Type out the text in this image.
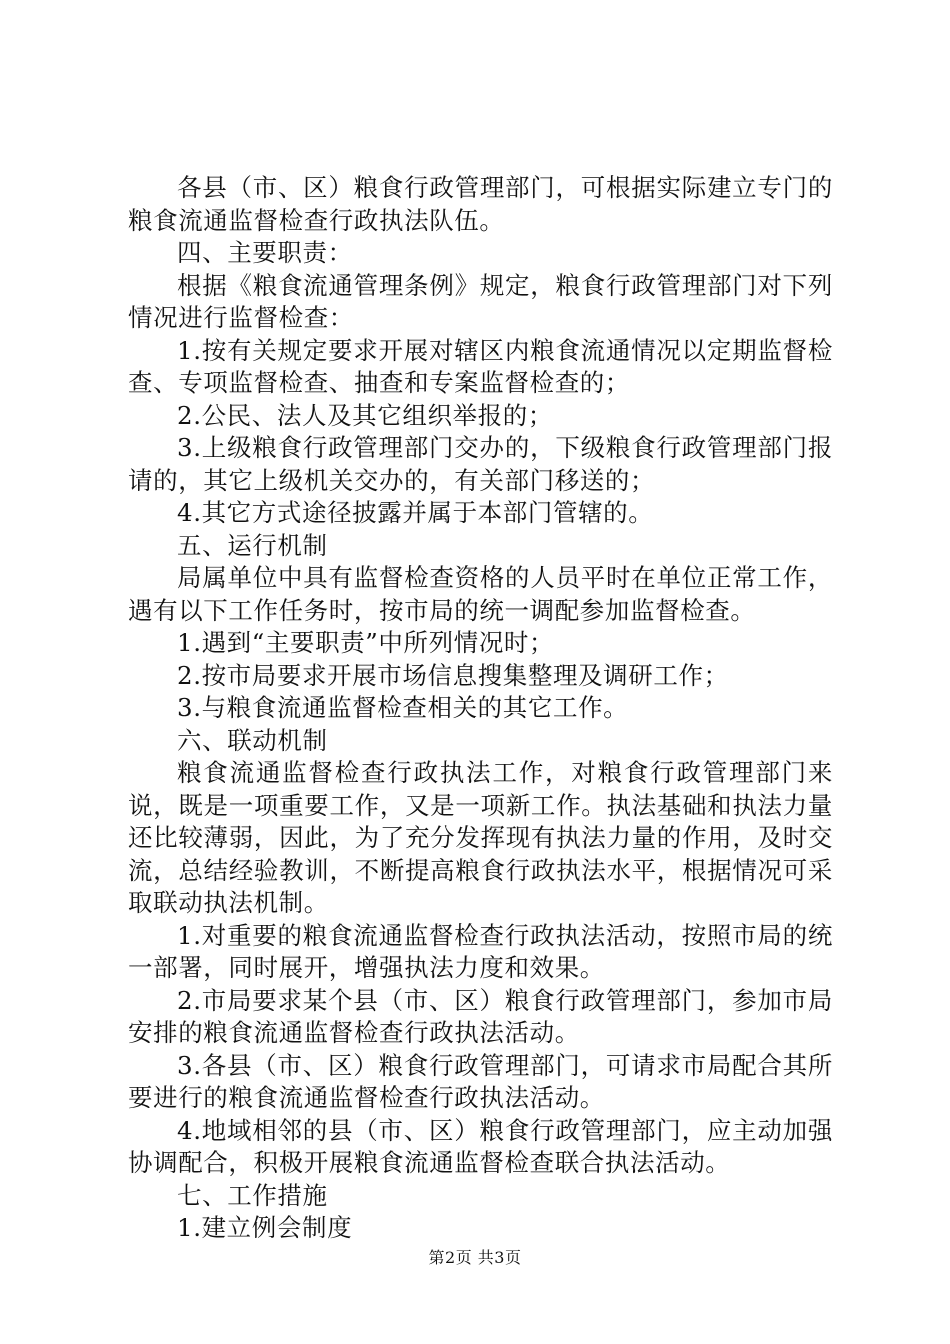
各县（市、区）粮食行政管理部门，可根据实际建立专门的粮食流通监督检查行政执法队伍。

四、主要职责：

根据《粮食流通管理条例》规定，粮食行政管理部门对下列情况进行监督检查：

1.按有关规定要求开展对辖区内粮食流通情况以定期监督检查、专项监督检查、抽查和专案监督检查的；

2.公民、法人及其它组织举报的；

3.上级粮食行政管理部门交办的，下级粮食行政管理部门报请的，其它上级机关交办的，有关部门移送的；

4.其它方式途径披露并属于本部门管辖的。

五、运行机制

局属单位中具有监督检查资格的人员平时在单位正常工作，遇有以下工作任务时，按市局的统一调配参加监督检查。

1.遇到“主要职责”中所列情况时；

2.按市局要求开展市场信息搜集整理及调研工作；

3.与粮食流通监督检查相关的其它工作。

六、联动机制

粮食流通监督检查行政执法工作，对粮食行政管理部门来说，既是一项重要工作，又是一项新工作。执法基础和执法力量还比较薄弱，因此，为了充分发挥现有执法力量的作用，及时交流，总结经验教训，不断提高粮食行政执法水平，根据情况可采取联动执法机制。

1.对重要的粮食流通监督检查行政执法活动，按照市局的统一部署，同时展开，增强执法力度和效果。

2.市局要求某个县（市、区）粮食行政管理部门，参加市局安排的粮食流通监督检查行政执法活动。

3.各县（市、区）粮食行政管理部门，可请求市局配合其所要进行的粮食流通监督检查行政执法活动。

4.地域相邻的县（市、区）粮食行政管理部门，应主动加强协调配合，积极开展粮食流通监督检查联合执法活动。

七、工作措施

1.建立例会制度

第2页 共3页
